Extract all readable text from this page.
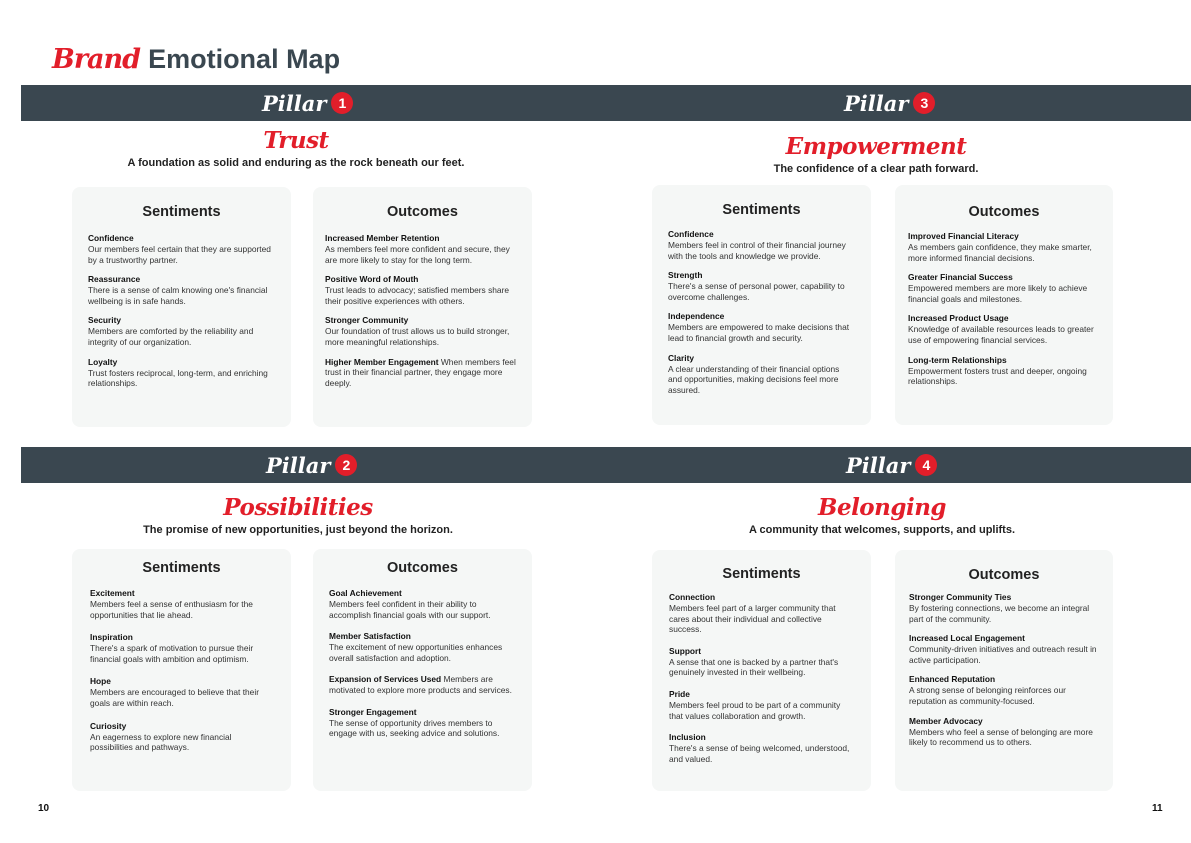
Brand Emotional Map
Pillar 1	Pillar 3
Pillar 2	Pillar 4
Trust
A foundation as solid and enduring as the rock beneath our feet.
Empowerment
The confidence of a clear path forward.
Possibilities
The promise of new opportunities, just beyond the horizon.
Belonging
A community that welcomes, supports, and uplifts.
Sentiments
Confidence
Our members feel certain that they are supported by a trustworthy partner.
Reassurance
There is a sense of calm knowing one's financial wellbeing is in safe hands.
Security
Members are comforted by the reliability and integrity of our organization.
Loyalty
Trust fosters reciprocal, long-term, and enriching relationships.
Outcomes
Increased Member Retention
As members feel more confident and secure, they are more likely to stay for the long term.
Positive Word of Mouth
Trust leads to advocacy; satisfied members share their positive experiences with others.
Stronger Community
Our foundation of trust allows us to build stronger, more meaningful relationships.
Higher Member Engagement When members feel trust in their financial partner, they engage more deeply.
Sentiments
Confidence
Members feel in control of their financial journey with the tools and knowledge we provide.
Strength
There's a sense of personal power, capability to overcome challenges.
Independence
Members are empowered to make decisions that lead to financial growth and security.
Clarity
A clear understanding of their financial options and opportunities, making decisions feel more assured.
Outcomes
Improved Financial Literacy
As members gain confidence, they make smarter, more informed financial decisions.
Greater Financial Success
Empowered members are more likely to achieve financial goals and milestones.
Increased Product Usage
Knowledge of available resources leads to greater use of empowering financial services.
Long-term Relationships
Empowerment fosters trust and deeper, ongoing relationships.
Sentiments
Excitement
Members feel a sense of enthusiasm for the opportunities that lie ahead.
Inspiration
There's a spark of motivation to pursue their financial goals with ambition and optimism.
Hope
Members are encouraged to believe that their goals are within reach.
Curiosity
An eagerness to explore new financial possibilities and pathways.
Outcomes
Goal Achievement
Members feel confident in their ability to accomplish financial goals with our support.
Member Satisfaction
The excitement of new opportunities enhances overall satisfaction and adoption.
Expansion of Services Used Members are motivated to explore more products and services.
Stronger Engagement
The sense of opportunity drives members to engage with us, seeking advice and solutions.
Sentiments
Connection
Members feel part of a larger community that cares about their individual and collective success.
Support
A sense that one is backed by a partner that's genuinely invested in their wellbeing.
Pride
Members feel proud to be part of a community that values collaboration and growth.
Inclusion
There's a sense of being welcomed, understood, and valued.
Outcomes
Stronger Community Ties
By fostering connections, we become an integral part of the community.
Increased Local Engagement
Community-driven initiatives and outreach result in active participation.
Enhanced Reputation
A strong sense of belonging reinforces our reputation as community-focused.
Member Advocacy
Members who feel a sense of belonging are more likely to recommend us to others.
10	11
